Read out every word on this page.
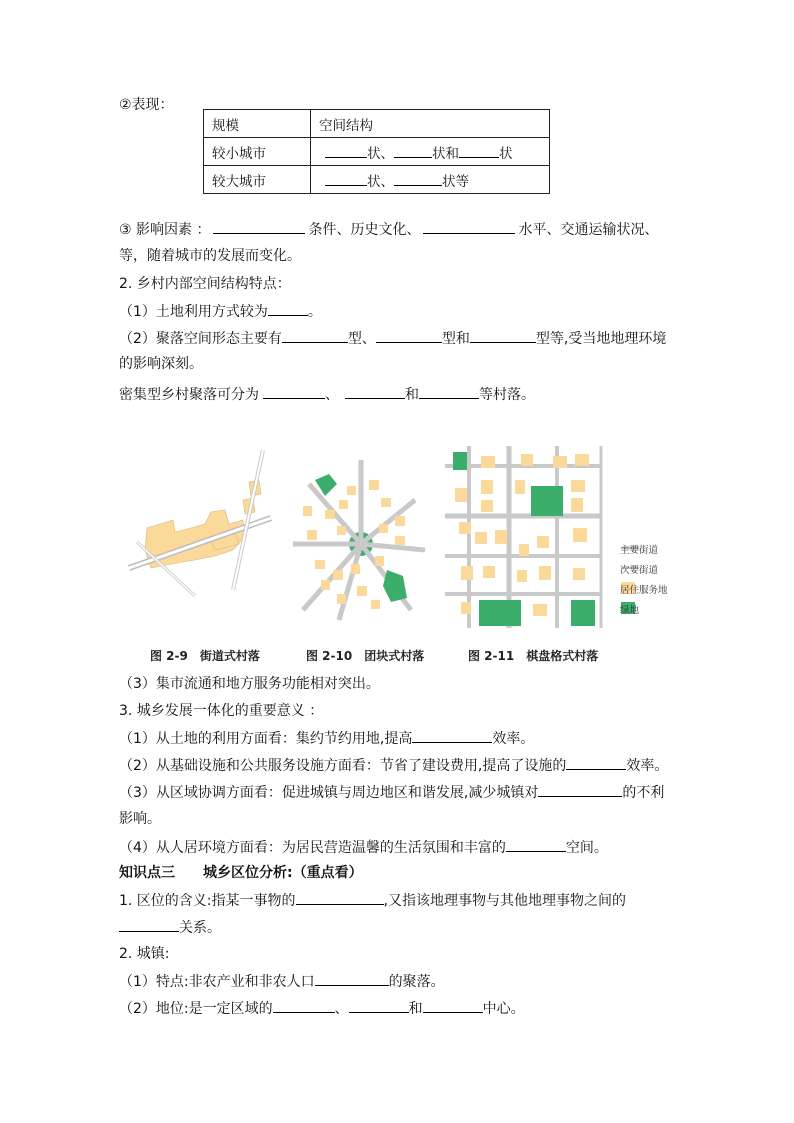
②表现：
规模	空间结构
较小城市	状、 状和 状
较大城市	状、 状等
③ 影响因素 ：	条件、历史文化、	水平、交通运输状况、
等，随着城市的发展而变化。
2. 乡村内部空间结构特点：
（1）土地利用方式较为	。
（2）聚落空间形态主要有	型、	型和	型等,受当地地理环境
的影响深刻。
密集型乡村聚落可分为	、	和	等村落。
主要街道
次要街道
居住服务地
绿地
图 2-9　街道式村落	图 2-10　团块式村落	图 2-11　棋盘格式村落
（3）集市流通和地方服务功能相对突出。
3. 城乡发展一体化的重要意义 ：
（1）从土地的利用方面看：集约节约用地,提高	效率。
（2）从基础设施和公共服务设施方面看：节省了建设费用,提高了设施的	效率。
（3）从区域协调方面看：促进城镇与周边地区和谐发展,减少城镇对	的不利
影响。
（4）从人居环境方面看：为居民营造温馨的生活氛围和丰富的	空间。
知识点三　　城乡区位分析:（重点看）
1. 区位的含义:指某一事物的	,又指该地理事物与其他地理事物之间的
关系。
2. 城镇:
（1）特点:非农产业和非农人口	的聚落。
（2）地位:是一定区域的	、	和	中心。
